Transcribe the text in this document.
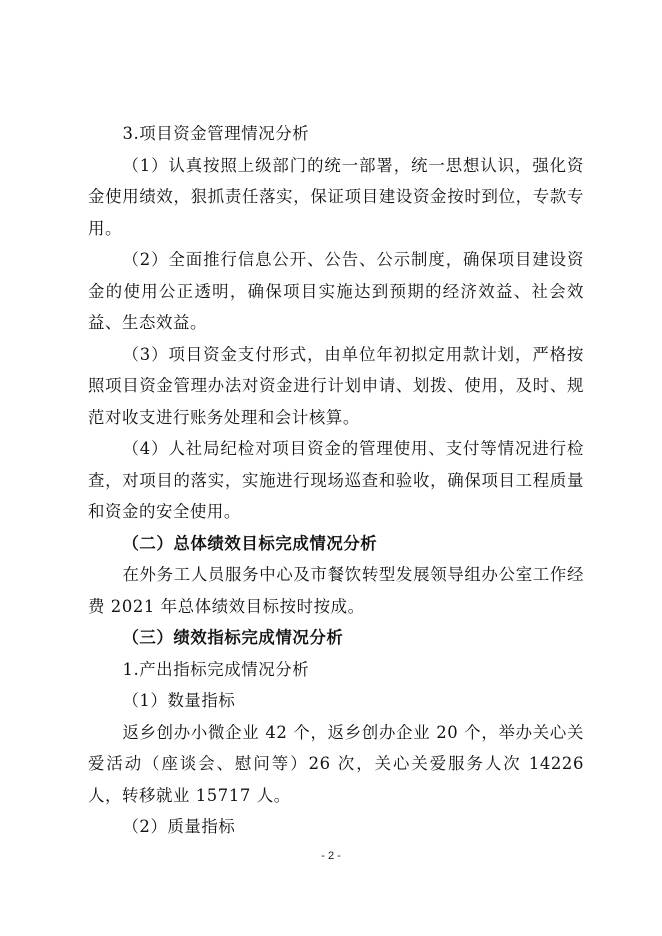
3.项目资金管理情况分析

（1）认真按照上级部门的统一部署，统一思想认识，强化资金使用绩效，狠抓责任落实，保证项目建设资金按时到位，专款专用。

（2）全面推行信息公开、公告、公示制度，确保项目建设资金的使用公正透明，确保项目实施达到预期的经济效益、社会效益、生态效益。

（3）项目资金支付形式，由单位年初拟定用款计划，严格按照项目资金管理办法对资金进行计划申请、划拨、使用，及时、规范对收支进行账务处理和会计核算。

（4）人社局纪检对项目资金的管理使用、支付等情况进行检查，对项目的落实，实施进行现场巡查和验收，确保项目工程质量和资金的安全使用。

（二）总体绩效目标完成情况分析

在外务工人员服务中心及市餐饮转型发展领导组办公室工作经费 2021 年总体绩效目标按时按成。

（三）绩效指标完成情况分析

1.产出指标完成情况分析

（1）数量指标

返乡创办小微企业 42 个，返乡创办企业 20 个，举办关心关爱活动（座谈会、慰问等）26 次，关心关爱服务人次 14226 人，转移就业 15717 人。

（2）质量指标

- 2 -
